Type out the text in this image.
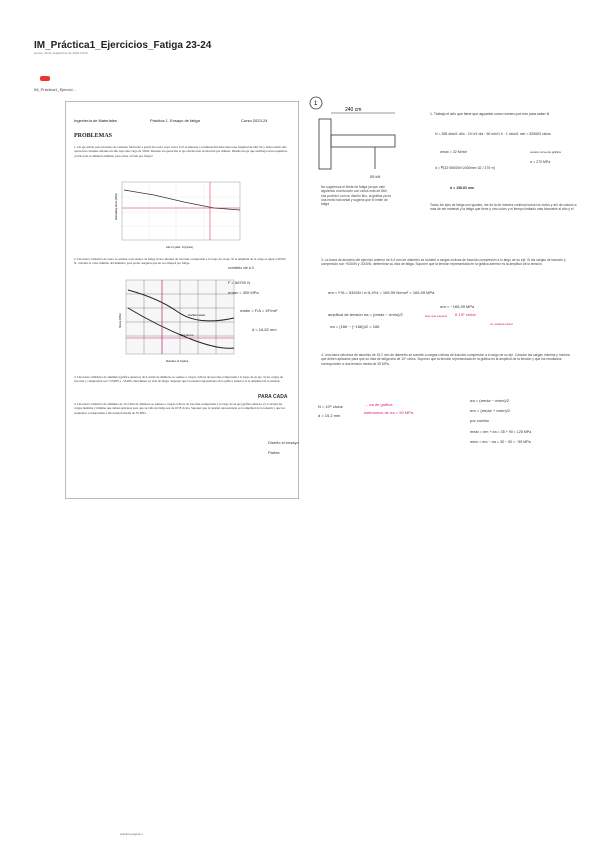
IM_Práctica1_Ejercicios_Fatiga 23-24
jueves, 26 de septiembre de 2024 13:23
IM_Práctica1_Ejercici...
Ingeniería de Materiales	Práctica 1. Ensayo de fatiga	Curso 2023-24
PROBLEMAS
1. Un eje sólido para un horno de cemento fabricado a partir del acero cuya curva S-N se muestra a continuación debe tener una longitud de 240 cm y debe resistir una operación continua durante un año bajo una carga de 55kN. Durante su operación el eje efectúa una revolución por minuto. Diseñe un eje que satisfaga estos requisitos. ¿Cuál sería el diámetro mínimo para evitar el fallo por fatiga?
Alternating stress (MPa)
Life in cycles, N (cycles)
2. Una barra cilíndrica de acero se somete a un ensayo de fatiga ciclos alternos de tracción-compresión a lo largo de su eje. Si la amplitud de la carga es igual a 66700 N, calcular el valor mínimo del diámetro para poder asegurar que no se romperá por fatiga.
Carbon steel
Aluminum
Stress (MPa)
Number of Cycles
3. Una barra cilíndrica de aluminio (gráfica anterior) de 6,4 mm de diámetro se somete a cargas cíclicas de tracción-compresión a lo largo de su eje. Si las cargas de tracción y compresión son +5340N y -5340N, determinar su vida de fatiga. Suponer que la tensión representada en la gráfica anterior es la amplitud de la tensión.
4. Una barra cilíndrica de aluminio de 15,2 mm de diámetro se somete a cargas cíclicas de tracción-compresión a lo largo de su eje (gráfica anterior 2). Calcular las cargas máxima y mínima que deben aplicarse para que su vida de fatiga sea de 10^8 ciclos. Suponer que la tensión representada es la amplitud de la tensión y que los resultados corresponden a una tensión media de 35 MPa.
sometido cte à 3
F = 66700 N
σmáx = 300 MPa
σadm = F/A = 4F/πd²
d = 16,82 mm
PARA CADA
Diseño el ensayo
Partes
1
240 cm
55 kN
1. Trabajo el año que tiene que aguantar como número por min para saber N
N = 365 días/1 año · 24 h/1 día · 60 min/1 h · 1 ciclo/1 min = 525600 ciclos
σmáx = 32·M/πd³	escalo curva de gráfica
σ = 270 MPa
d = ∛(32·55000N·2400mm·32 / 270·π)
d = 158.63 mm
No sugerimos el límite de fatiga ya que vale siguiendo una función con ciclos más de 860, nos podría ir con un diseño fino, la gráfica ya es una recta horizontal y sugería que el límite de fatiga	Todos los ejes de fatiga son iguales, me da la de manera continua todos los ciclos y ahí de calculo a mas de ser material y la fatiga que tiene y otro ciclos y el tiempo limitado más favorable al año y el
3. La barra de aluminio del ejercicio anterior de 6,4 mm de diámetro se somete a cargas cíclicas de tracción-compresión a lo largo de su eje. Si las cargas de tracción y compresión son +5340N y -5340N, determinar su vida de fatiga. Suponer que la tensión representada en la gráfica anterior es la amplitud de la tensión.
σm = F/A = 5340N / π·6,4²/4 = 165,99 N/mm² = 165,99 MPa
σm = −165,99 MPa
amplitud de tensión σa = (σmáx − σmín)/2
σa = (166 − (−166))/2 = 166
Hay que esperar 6·10⁵ ciclos
no colapsa ciclos
4. Una barra cilíndrica de aluminio de 15,2 mm de diámetro se somete a cargas cíclicas de tracción-compresión a lo largo de su eje. Calcular las cargas máxima y mínima que deben aplicarse para que su vida de fatiga sea de 10⁸ ciclos. Suponer que la tensión representada en la gráfica es la amplitud de la tensión y que los resultados corresponden a una tensión media de 35 MPa.
N = 10⁸ ciclos
d = 15.2 mm
→ σa de gráfica
estimamos de σa = 90 MPa
σa = (σmáx − σmín)/2
σm = (σmáx + σmín)/2
por combo
σmáx = σm + σa = 35 + 90 = 125 MPa
σmín = σm − σa = 35 − 90 = −55 MPa
práctica página 1
